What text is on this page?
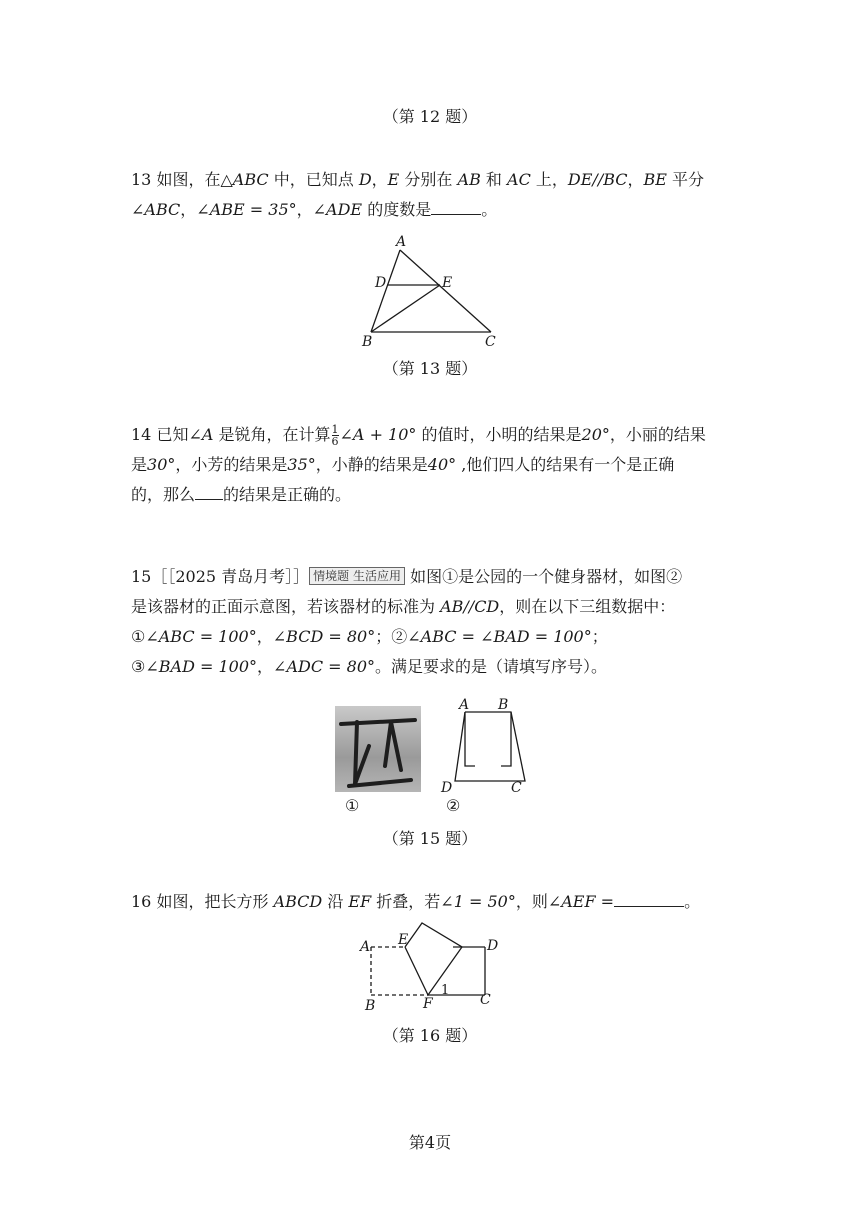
（第 12 题）
13 如图，在△ABC 中，已知点 D，E 分别在 AB 和 AC 上，DE//BC，BE 平分
∠ABC，∠ABE = 35°，∠ADE 的度数是	。
A
D	E
B	C
（第 13 题）
14 已知∠A 是锐角，在计算 $\frac{1}{6}$ ∠A + 10° 的值时，小明的结果是20°，小丽的结果
是30°，小芳的结果是35°，小静的结果是40° ,他们四人的结果有一个是正确
的，那么 的结果是正确的。
15［［2025 青岛月考］］ 情境题 生活应用 如图①是公园的一个健身器材，如图②
是该器材的正面示意图，若该器材的标准为 AB//CD，则在以下三组数据中：
①∠ABC = 100°，∠BCD = 80°；②∠ABC = ∠BAD = 100°；
③∠BAD = 100°，∠ADC = 80°。满足要求的是（请填写序号）。
①
A B
D	C
②
（第 15 题）
16 如图，把长方形 ABCD 沿 EF 折叠，若∠1 = 50°，则∠AEF =	。
A E	D
B	F	C
1
（第 16 题）
第4页
